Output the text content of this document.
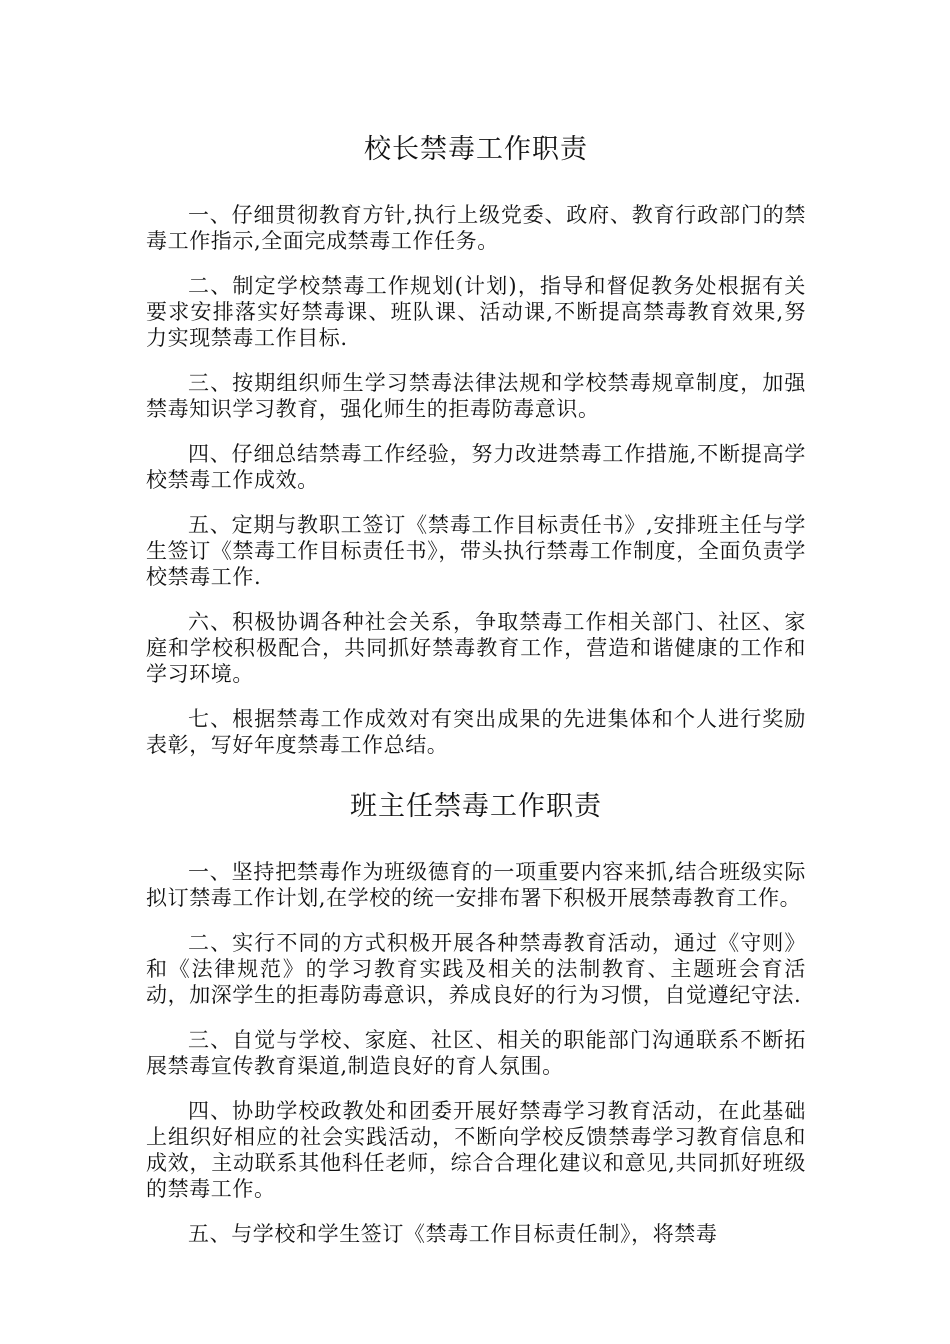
校长禁毒工作职责

一、仔细贯彻教育方针,执行上级党委、政府、教育行政部门的禁毒工作指示,全面完成禁毒工作任务。

二、制定学校禁毒工作规划(计划)，指导和督促教务处根据有关要求安排落实好禁毒课、班队课、活动课,不断提高禁毒教育效果,努力实现禁毒工作目标.

三、按期组织师生学习禁毒法律法规和学校禁毒规章制度，加强禁毒知识学习教育，强化师生的拒毒防毒意识。

四、仔细总结禁毒工作经验，努力改进禁毒工作措施,不断提高学校禁毒工作成效。

五、定期与教职工签订《禁毒工作目标责任书》,安排班主任与学生签订《禁毒工作目标责任书》，带头执行禁毒工作制度，全面负责学校禁毒工作.

六、积极协调各种社会关系，争取禁毒工作相关部门、社区、家庭和学校积极配合，共同抓好禁毒教育工作，营造和谐健康的工作和学习环境。

七、根据禁毒工作成效对有突出成果的先进集体和个人进行奖励表彰，写好年度禁毒工作总结。

班主任禁毒工作职责

一、坚持把禁毒作为班级德育的一项重要内容来抓,结合班级实际拟订禁毒工作计划,在学校的统一安排布署下积极开展禁毒教育工作。

二、实行不同的方式积极开展各种禁毒教育活动，通过《守则》和《法律规范》的学习教育实践及相关的法制教育、主题班会育活动，加深学生的拒毒防毒意识，养成良好的行为习惯，自觉遵纪守法.

三、自觉与学校、家庭、社区、相关的职能部门沟通联系不断拓展禁毒宣传教育渠道,制造良好的育人氛围。

四、协助学校政教处和团委开展好禁毒学习教育活动，在此基础上组织好相应的社会实践活动，不断向学校反馈禁毒学习教育信息和成效，主动联系其他科任老师，综合合理化建议和意见,共同抓好班级的禁毒工作。

五、与学校和学生签订《禁毒工作目标责任制》，将禁毒
